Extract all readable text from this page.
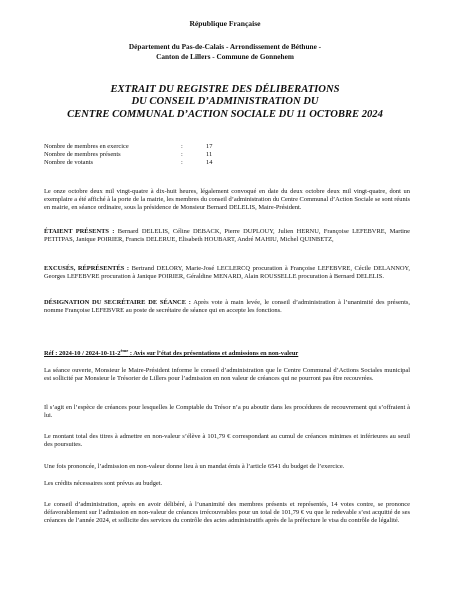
République Française
Département du Pas-de-Calais - Arrondissement de Béthune -
Canton de Lillers - Commune de Gonnehem
EXTRAIT DU REGISTRE DES DÉLIBERATIONS
DU CONSEIL D’ADMINISTRATION DU
CENTRE COMMUNAL D’ACTION SOCIALE DU 11 OCTOBRE 2024
Nombre de membres en exercice	:	17
Nombre de membres présents	:	11
Nombre de votants	:	14

Le onze octobre deux mil vingt-quatre à dix-huit heures, légalement convoqué en date du deux octobre deux mil vingt-quatre, dont un exemplaire a été affiché à la porte de la mairie, les membres du conseil d’administration du Centre Communal d’Action Sociale se sont réunis en mairie, en séance ordinaire, sous la présidence de Monsieur Bernard DELELIS, Maire-Président.

ÉTAIENT PRÉSENTS : Bernard DELELIS, Céline DEBACK, Pierre DUPLOUY, Julien HERNU, Françoise LEFEBVRE, Martine PETITPAS, Janique POIRIER, Francis DELERUE, Elisabeth HOUBART, André MAHIU, Michel QUINBETZ,

EXCUSÉS, RÉPRÉSENTÉS : Bertrand DELORY, Marie-José LECLERCQ procuration à Françoise LEFEBVRE, Cécile DELANNOY, Georges LEFEBVRE procuration à Janique POIRIER, Géraldine MENARD, Alain ROUSSELLE procuration à Bernard DELELIS.

DÉSIGNATION DU SECRÉTAIRE DE SÉANCE : Après vote à main levée, le conseil d’administration à l’unanimité des présents, nomme Françoise LEFEBVRE au poste de secrétaire de séance qui en accepte les fonctions.

Réf : 2024-10 / 2024-10-11-2ème : Avis sur l’état des présentations et admissions en non-valeur

La séance ouverte, Monsieur le Maire-Président informe le conseil d’administration que le Centre Communal d’Actions Sociales municipal est sollicité par Monsieur le Trésorier de Lillers pour l’admission en non valeur de créances qui ne pourront pas être recouvrées.

Il s’agit en l’espèce de créances pour lesquelles le Comptable du Trésor n’a pu aboutir dans les procédures de recouvrement qui s’offraient à lui.

Le montant total des titres à admettre en non-valeur s’élève à 101,79 € correspondant au cumul de créances minimes et inférieures au seuil des poursuites.

Une fois prononcée, l’admission en non-valeur donne lieu à un mandat émis à l’article 6541 du budget de l’exercice.

Les crédits nécessaires sont prévus au budget.

Le conseil d’administration, après en avoir délibéré, à l’unanimité des membres présents et représentés, 14 votes contre, se prononce défavorablement sur l’admission en non-valeur de créances irrécouvrables pour un total de 101,79 € vu que le redevable s’est acquitté de ses créances de l’année 2024, et sollicite des services du contrôle des actes administratifs après de la préfecture le visa du contrôle de légalité.
